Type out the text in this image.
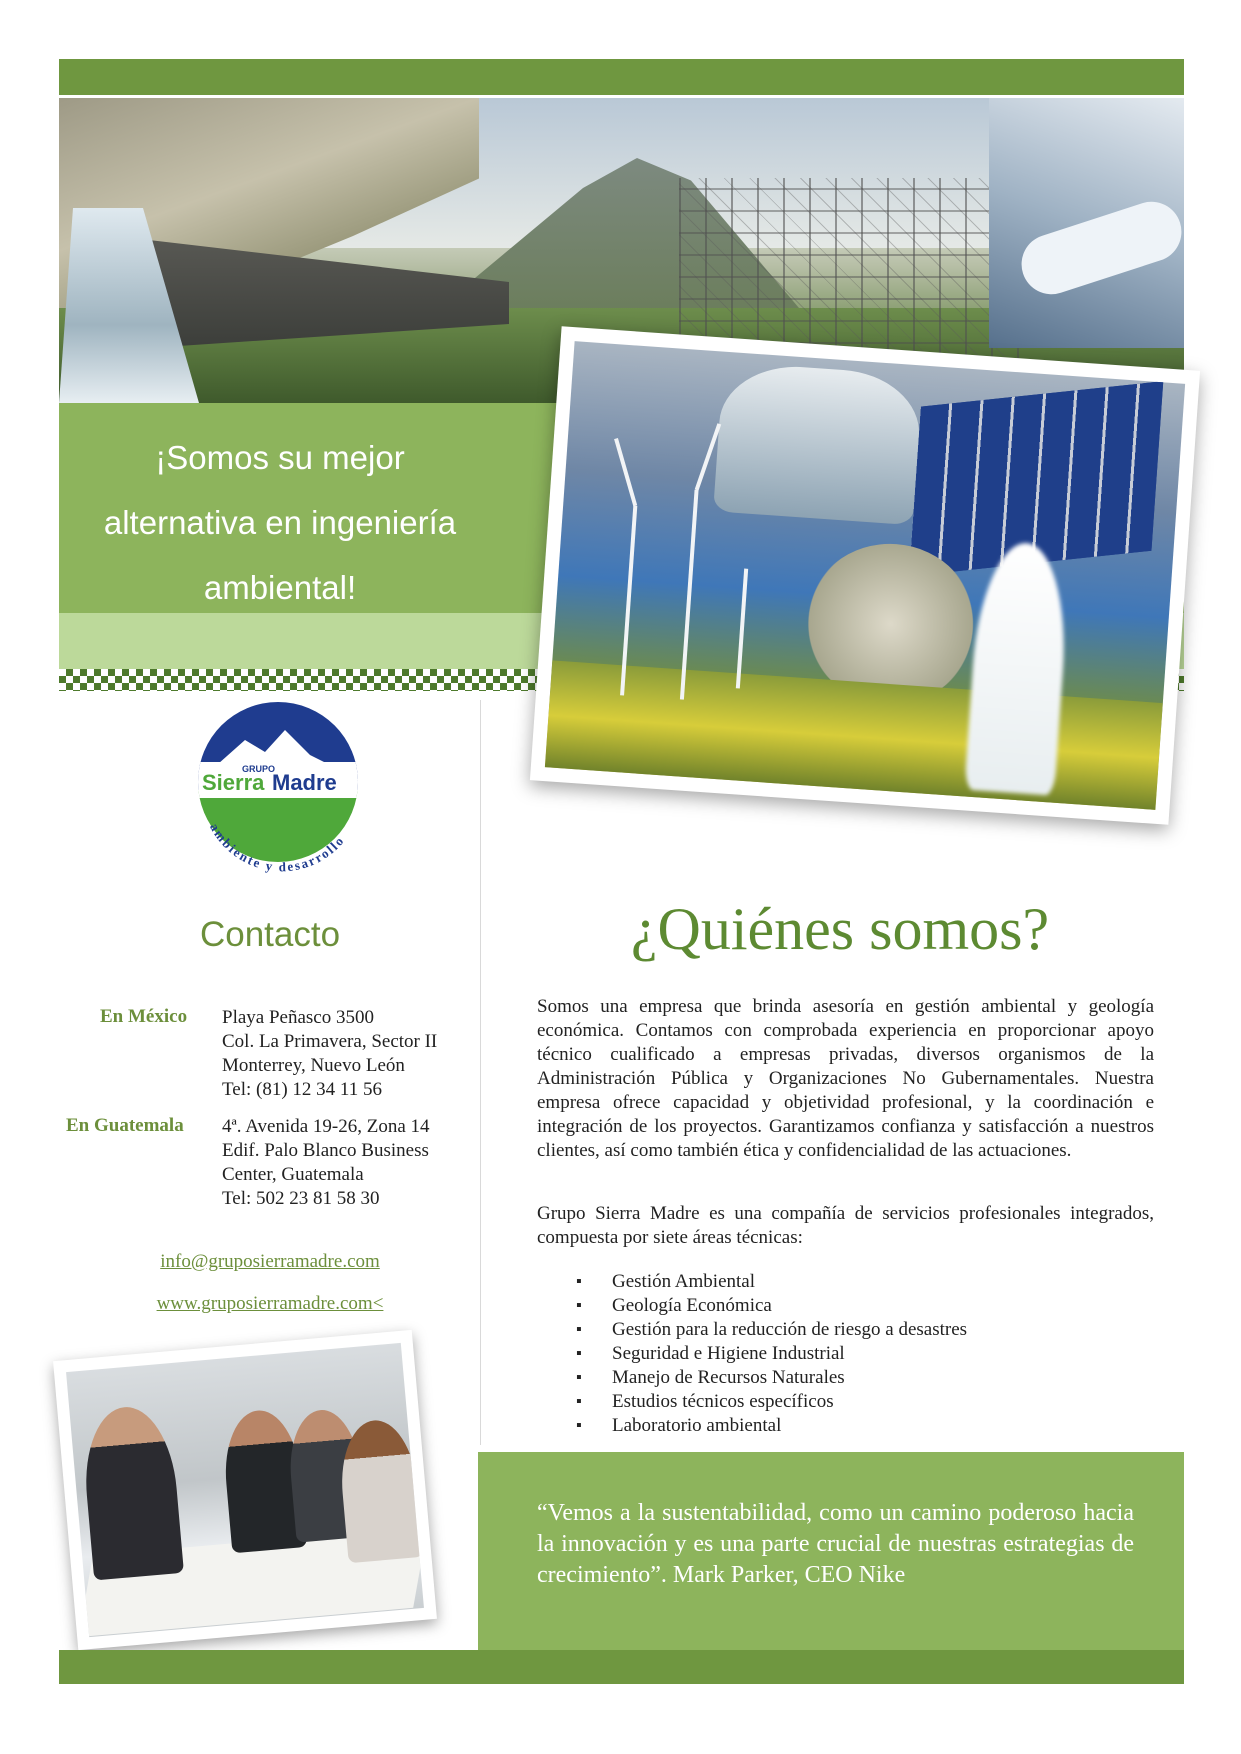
¡Somos su mejor
alternativa en ingeniería
ambiental!
GRUPO
Sierra Madre
ambiente y desarrollo
Contacto
En México Playa Peñasco 3500
Col. La Primavera, Sector II
Monterrey, Nuevo León
Tel: (81) 12 34 11 56
En Guatemala 4ª. Avenida 19-26, Zona 14
Edif. Palo Blanco Business
Center, Guatemala
Tel: 502 23 81 58 30
info@gruposierramadre.com
www.gruposierramadre.com<
¿Quiénes somos?
Somos una empresa que brinda asesoría en gestión ambiental y geología económica. Contamos con comprobada experiencia en proporcionar apoyo técnico cualificado a empresas privadas, diversos organismos de la Administración Pública y Organizaciones No Gubernamentales. Nuestra empresa ofrece capacidad y objetividad profesional, y la coordinación e integración de los proyectos. Garantizamos confianza y satisfacción a nuestros clientes, así como también ética y confidencialidad de las actuaciones.
Grupo Sierra Madre es una compañía de servicios profesionales integrados, compuesta por siete áreas técnicas:
▪ Gestión Ambiental
▪ Geología Económica
▪ Gestión para la reducción de riesgo a desastres
▪ Seguridad e Higiene Industrial
▪ Manejo de Recursos Naturales
▪ Estudios técnicos específicos
▪ Laboratorio ambiental
“Vemos a la sustentabilidad, como un camino poderoso hacia la innovación y es una parte crucial de nuestras estrategias de crecimiento”. Mark Parker, CEO Nike
